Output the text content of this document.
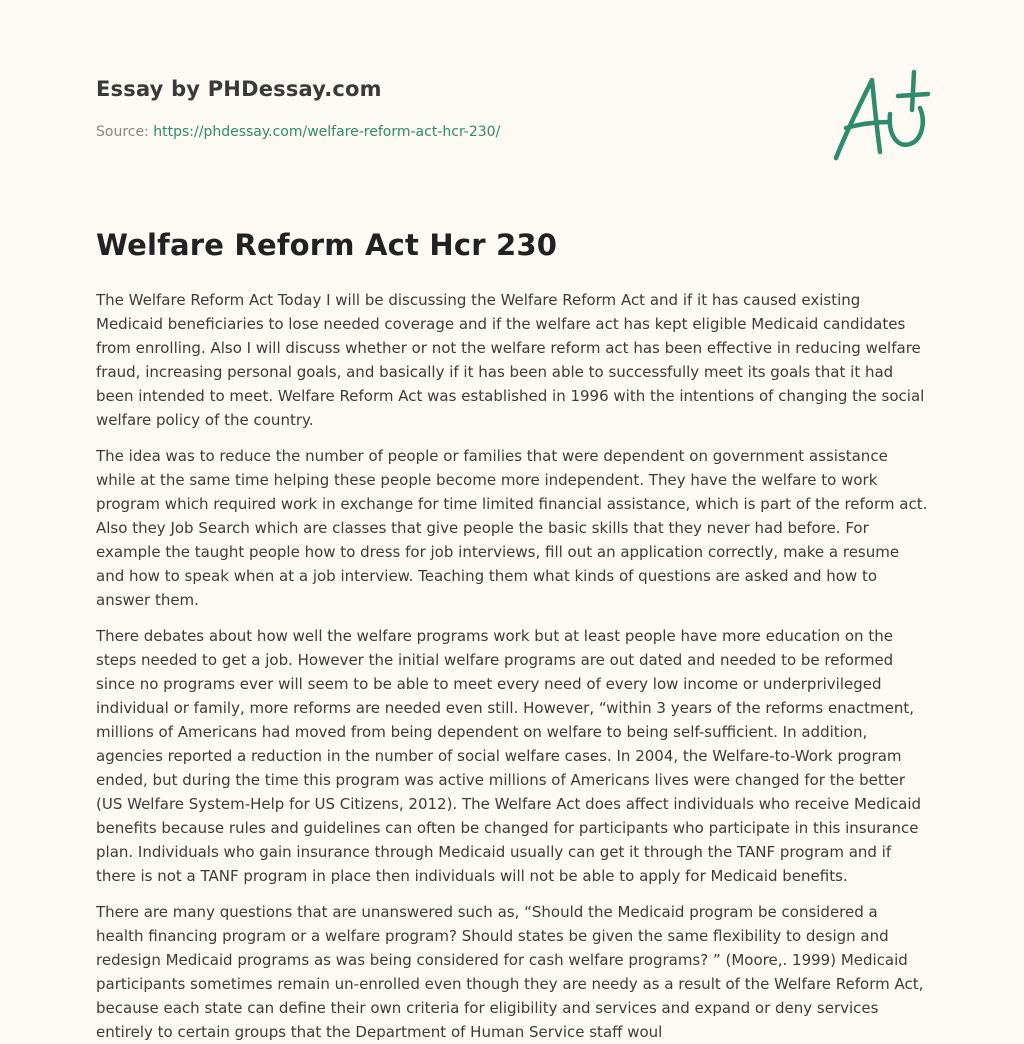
Essay by PHDessay.com
Source: https://phdessay.com/welfare-reform-act-hcr-230/
Welfare Reform Act Hcr 230

The Welfare Reform Act Today I will be discussing the Welfare Reform Act and if it has caused existing Medicaid beneficiaries to lose needed coverage and if the welfare act has kept eligible Medicaid candidates from enrolling. Also I will discuss whether or not the welfare reform act has been effective in reducing welfare fraud, increasing personal goals, and basically if it has been able to successfully meet its goals that it had been intended to meet. Welfare Reform Act was established in 1996 with the intentions of changing the social welfare policy of the country.

The idea was to reduce the number of people or families that were dependent on government assistance while at the same time helping these people become more independent. They have the welfare to work program which required work in exchange for time limited financial assistance, which is part of the reform act. Also they Job Search which are classes that give people the basic skills that they never had before. For example the taught people how to dress for job interviews, fill out an application correctly, make a resume and how to speak when at a job interview. Teaching them what kinds of questions are asked and how to answer them.

There debates about how well the welfare programs work but at least people have more education on the steps needed to get a job. However the initial welfare programs are out dated and needed to be reformed since no programs ever will seem to be able to meet every need of every low income or underprivileged individual or family, more reforms are needed even still. However, “within 3 years of the reforms enactment, millions of Americans had moved from being dependent on welfare to being self-sufficient. In addition, agencies reported a reduction in the number of social welfare cases. In 2004, the Welfare-to-Work program ended, but during the time this program was active millions of Americans lives were changed for the better (US Welfare System-Help for US Citizens, 2012). The Welfare Act does affect individuals who receive Medicaid benefits because rules and guidelines can often be changed for participants who participate in this insurance plan. Individuals who gain insurance through Medicaid usually can get it through the TANF program and if there is not a TANF program in place then individuals will not be able to apply for Medicaid benefits.

There are many questions that are unanswered such as, “Should the Medicaid program be considered a health financing program or a welfare program? Should states be given the same flexibility to design and redesign Medicaid programs as was being considered for cash welfare programs? ” (Moore,. 1999) Medicaid participants sometimes remain un-enrolled even though they are needy as a result of the Welfare Reform Act, because each state can define their own criteria for eligibility and services and expand or deny services entirely to certain groups that the Department of Human Service staff woul
